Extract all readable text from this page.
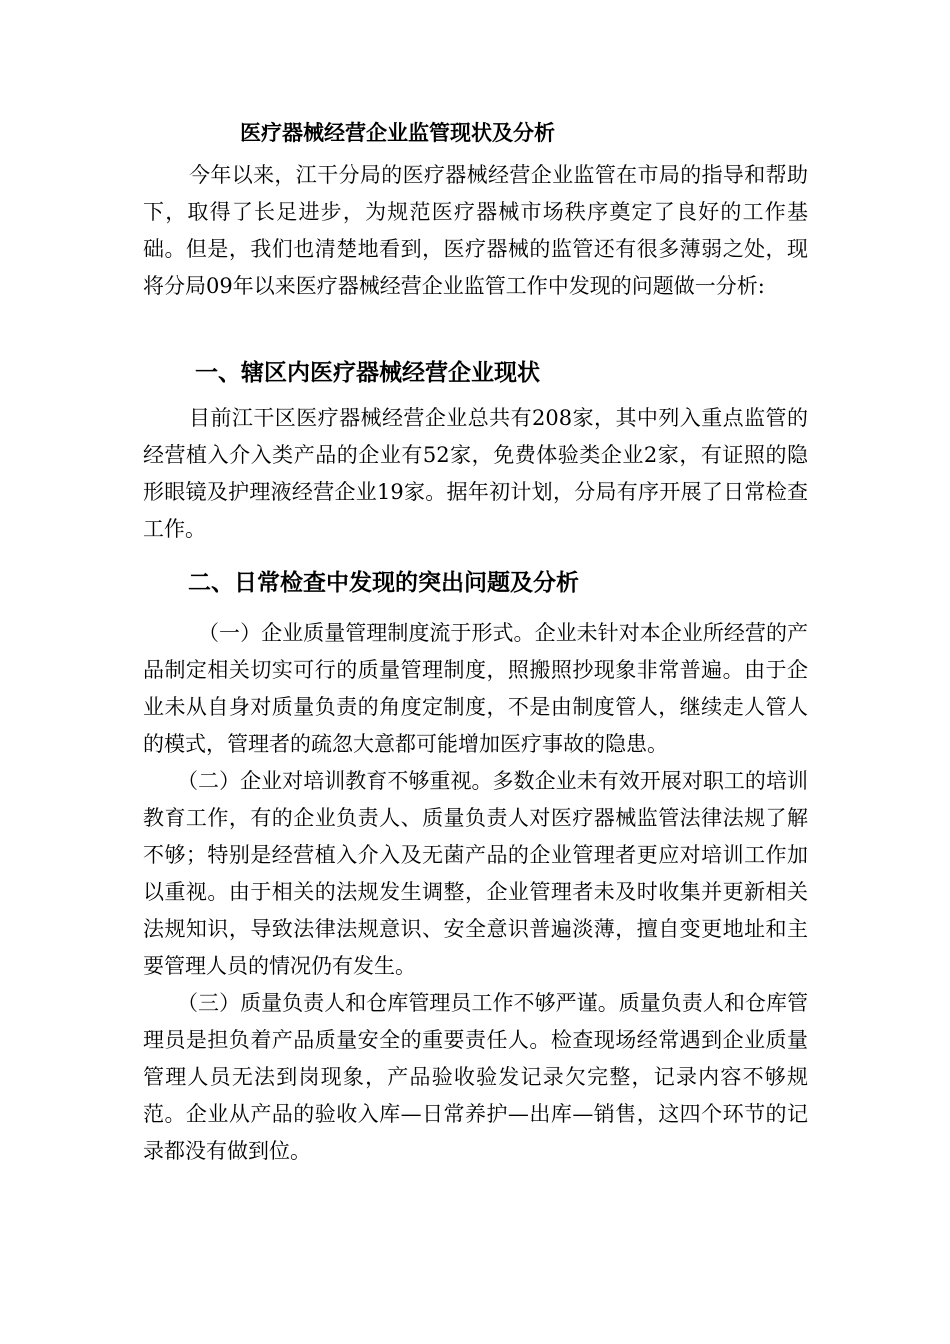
医疗器械经营企业监管现状及分析

今年以来，江干分局的医疗器械经营企业监管在市局的指导和帮助下，取得了长足进步，为规范医疗器械市场秩序奠定了良好的工作基础。但是，我们也清楚地看到，医疗器械的监管还有很多薄弱之处，现将分局09年以来医疗器械经营企业监管工作中发现的问题做一分析:

一、辖区内医疗器械经营企业现状

目前江干区医疗器械经营企业总共有208家，其中列入重点监管的经营植入介入类产品的企业有52家，免费体验类企业2家，有证照的隐形眼镜及护理液经营企业19家。据年初计划，分局有序开展了日常检查工作。

二、日常检查中发现的突出问题及分析

（一）企业质量管理制度流于形式。企业未针对本企业所经营的产品制定相关切实可行的质量管理制度，照搬照抄现象非常普遍。由于企业未从自身对质量负责的角度定制度，不是由制度管人，继续走人管人的模式，管理者的疏忽大意都可能增加医疗事故的隐患。

（二）企业对培训教育不够重视。多数企业未有效开展对职工的培训教育工作，有的企业负责人、质量负责人对医疗器械监管法律法规了解不够；特别是经营植入介入及无菌产品的企业管理者更应对培训工作加以重视。由于相关的法规发生调整，企业管理者未及时收集并更新相关法规知识，导致法律法规意识、安全意识普遍淡薄，擅自变更地址和主要管理人员的情况仍有发生。

（三）质量负责人和仓库管理员工作不够严谨。质量负责人和仓库管理员是担负着产品质量安全的重要责任人。检查现场经常遇到企业质量管理人员无法到岗现象，产品验收验发记录欠完整，记录内容不够规范。企业从产品的验收入库—日常养护—出库—销售，这四个环节的记录都没有做到位。
